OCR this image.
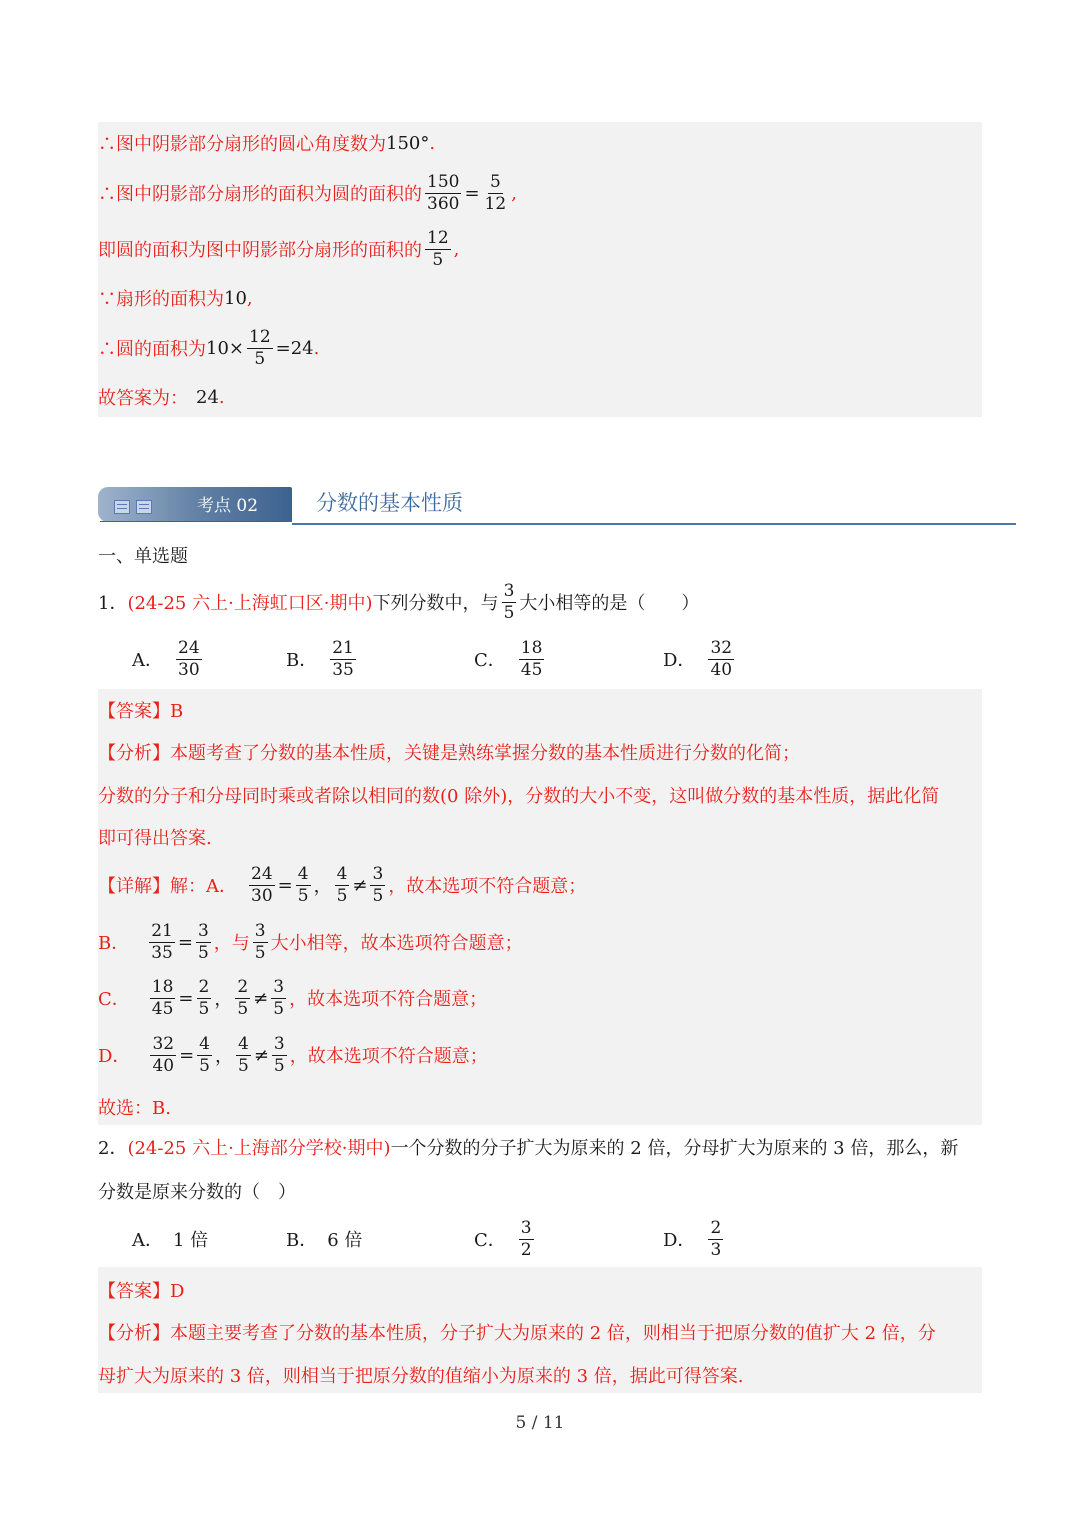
∴图中阴影部分扇形的圆心角度数为 150° .
∴图中阴影部分扇形的面积为圆的面积的 $\frac{150}{360} = \frac{5}{12}$ ,
即圆的面积为图中阴影部分扇形的面积的 $\frac{12}{5}$ ,
∵扇形的面积为 10 ,
∴圆的面积为 $10 \times \frac{12}{5} = 24$ .
故答案为： 24 .
考点 02	分数的基本性质
一、单选题
1． (24-25 六上·上海虹口区·期中) 下列分数中，与 $\frac{3}{5}$ 大小相等的是（　　）
A． $\frac{24}{30}$	B． $\frac{21}{35}$	C． $\frac{18}{45}$	D． $\frac{32}{40}$
【答案】B
【分析】本题考查了分数的基本性质，关键是熟练掌握分数的基本性质进行分数的化简；
分数的分子和分母同时乘或者除以相同的数(0 除外)，分数的大小不变，这叫做分数的基本性质，据此化简
即可得出答案.
【详解】解：A． $\frac{24}{30} = \frac{4}{5}$ ， $\frac{4}{5} \ne \frac{3}{5}$ ，故本选项不符合题意；
B． $\frac{21}{35} = \frac{3}{5}$ ，与 $\frac{3}{5}$ 大小相等，故本选项符合题意；
C． $\frac{18}{45} = \frac{2}{5}$ ， $\frac{2}{5} \ne \frac{3}{5}$ ，故本选项不符合题意；
D． $\frac{32}{40} = \frac{4}{5}$ ， $\frac{4}{5} \ne \frac{3}{5}$ ，故本选项不符合题意；
故选：B.
2． (24-25 六上·上海部分学校·期中) 一个分数的分子扩大为原来的 2 倍，分母扩大为原来的 3 倍，那么，新
分数是原来分数的（　）
A． 1 倍	B． 6 倍	C． $\frac{3}{2}$	D． $\frac{2}{3}$
【答案】D
【分析】本题主要考查了分数的基本性质，分子扩大为原来的 2 倍，则相当于把原分数的值扩大 2 倍，分
母扩大为原来的 3 倍，则相当于把原分数的值缩小为原来的 3 倍，据此可得答案.
5 / 11
